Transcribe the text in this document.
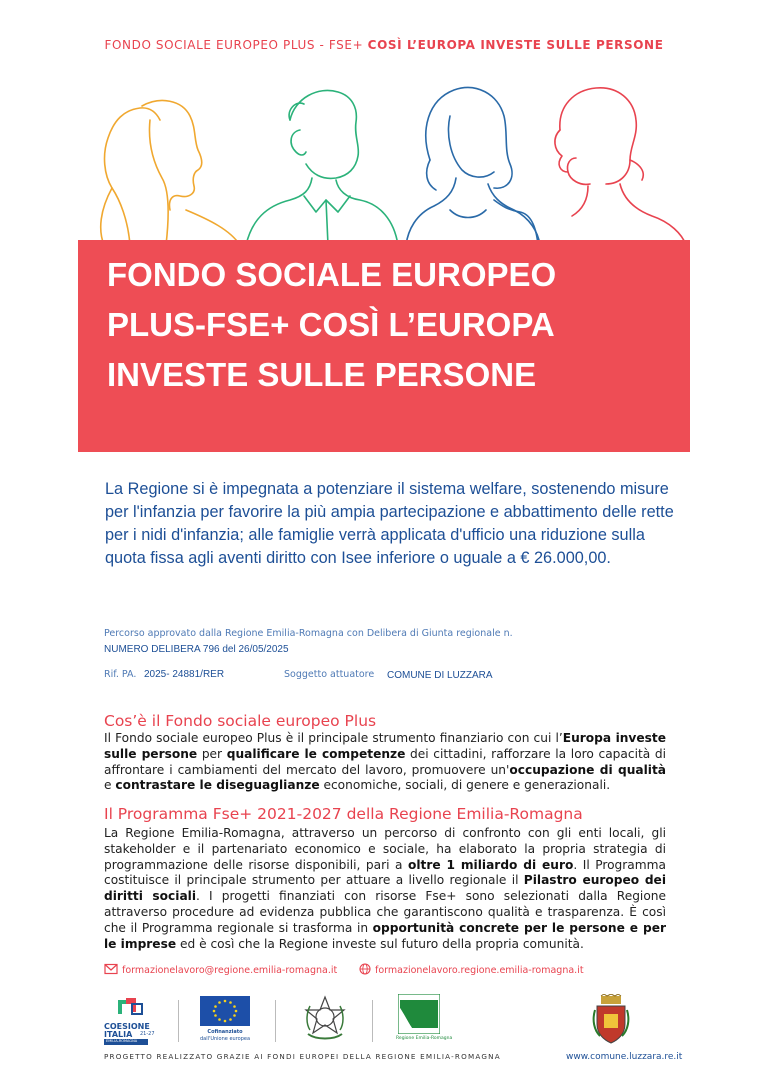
FONDO SOCIALE EUROPEO PLUS - FSE+ COSÌ L’EUROPA INVESTE SULLE PERSONE
FONDO SOCIALE EUROPEO
PLUS-FSE+ COSÌ L’EUROPA
INVESTE SULLE PERSONE
La Regione si è impegnata a potenziare il sistema welfare, sostenendo misure per l'infanzia per favorire la più ampia partecipazione e abbattimento delle rette per i nidi d'infanzia; alle famiglie verrà applicata d'ufficio una riduzione sulla quota fissa agli aventi diritto con Isee inferiore o uguale a € 26.000,00.
Percorso approvato dalla Regione Emilia-Romagna con Delibera di Giunta regionale n.
NUMERO DELIBERA 796 del 26/05/2025
Rif. PA. 2025- 24881/RER	Soggetto attuatore COMUNE DI LUZZARA
Cos’è il Fondo sociale europeo Plus
Il Fondo sociale europeo Plus è il principale strumento finanziario con cui l’Europa investe sulle persone per qualificare le competenze dei cittadini, rafforzare la loro capacità di affrontare i cambiamenti del mercato del lavoro, promuovere un'occupazione di qualità e contrastare le diseguaglianze economiche, sociali, di genere e generazionali.
Il Programma Fse+ 2021-2027 della Regione Emilia-Romagna
La Regione Emilia-Romagna, attraverso un percorso di confronto con gli enti locali, gli stakeholder e il partenariato economico e sociale, ha elaborato la propria strategia di programmazione delle risorse disponibili, pari a oltre 1 miliardo di euro. Il Programma costituisce il principale strumento per attuare a livello regionale il Pilastro europeo dei diritti sociali. I progetti finanziati con risorse Fse+ sono selezionati dalla Regione attraverso procedure ad evidenza pubblica che garantiscono qualità e trasparenza. È così che il Programma regionale si trasforma in opportunità concrete per le persone e per le imprese ed è così che la Regione investe sul futuro della propria comunità.
formazionelavoro@regione.emilia-romagna.it	formazionelavoro.regione.emilia-romagna.it
COESIONE
ITALIA 21-27
EMILIA-ROMAGNA
Cofinanziato
dall'Unione europea	Regione Emilia-Romagna
PROGETTO REALIZZATO GRAZIE AI FONDI EUROPEI DELLA REGIONE EMILIA-ROMAGNA	www.comune.luzzara.re.it
